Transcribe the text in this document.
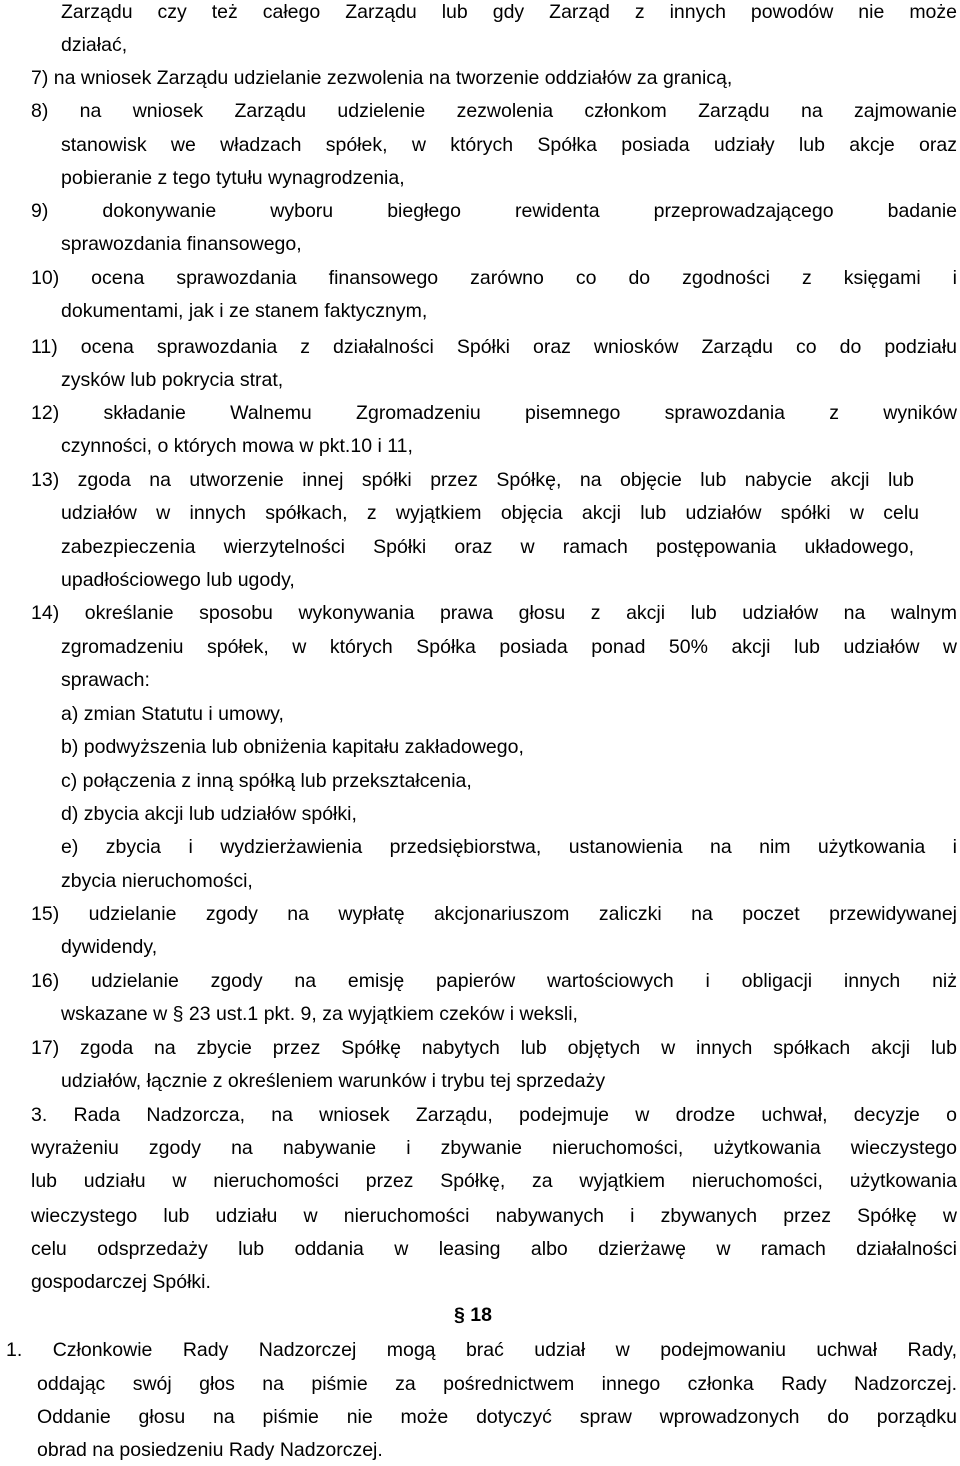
Zarządu czy też całego Zarządu lub gdy Zarząd z innych powodów nie może

działać,

7) na wniosek Zarządu udzielanie zezwolenia na tworzenie oddziałów za granicą,

8) na wniosek Zarządu udzielenie zezwolenia członkom Zarządu na zajmowanie

stanowisk we władzach spółek, w których Spółka posiada udziały lub akcje oraz

pobieranie z tego tytułu wynagrodzenia,

9) dokonywanie wyboru biegłego rewidenta przeprowadzającego badanie

sprawozdania finansowego,

10) ocena sprawozdania finansowego zarówno co do zgodności z księgami i

dokumentami, jak i ze stanem faktycznym,

11) ocena sprawozdania z działalności Spółki oraz wniosków Zarządu co do podziału

zysków lub pokrycia strat,

12) składanie Walnemu Zgromadzeniu pisemnego sprawozdania z wyników

czynności, o których mowa w pkt.10 i 11,

13) zgoda na utworzenie innej spółki przez Spółkę, na objęcie lub nabycie akcji lub

udziałów w innych spółkach, z wyjątkiem objęcia akcji lub udziałów spółki w celu

zabezpieczenia wierzytelności Spółki oraz w ramach postępowania układowego,

upadłościowego lub ugody,

14) określanie sposobu wykonywania prawa głosu z akcji lub udziałów na walnym

zgromadzeniu spółek, w których Spółka posiada ponad 50% akcji lub udziałów w

sprawach:

a) zmian Statutu i umowy,

b) podwyższenia lub obniżenia kapitału zakładowego,

c) połączenia z inną spółką lub przekształcenia,

d) zbycia akcji lub udziałów spółki,

e) zbycia i wydzierżawienia przedsiębiorstwa, ustanowienia na nim użytkowania i

zbycia nieruchomości,

15) udzielanie zgody na wypłatę akcjonariuszom zaliczki na poczet przewidywanej

dywidendy,

16) udzielanie zgody na emisję papierów wartościowych i obligacji innych niż

wskazane w § 23 ust.1 pkt. 9, za wyjątkiem czeków i weksli,

17) zgoda na zbycie przez Spółkę nabytych lub objętych w innych spółkach akcji lub

udziałów, łącznie z określeniem warunków i trybu tej sprzedaży

3. Rada Nadzorcza, na wniosek Zarządu, podejmuje w drodze uchwał, decyzje o

wyrażeniu zgody na nabywanie i zbywanie nieruchomości, użytkowania wieczystego

lub udziału w nieruchomości przez Spółkę, za wyjątkiem nieruchomości, użytkowania

wieczystego lub udziału w nieruchomości nabywanych i zbywanych przez Spółkę w

celu odsprzedaży lub oddania w leasing albo dzierżawę w ramach działalności

gospodarczej Spółki.

§ 18

1. Członkowie Rady Nadzorczej mogą brać udział w podejmowaniu uchwał Rady,

oddając swój głos na piśmie za pośrednictwem innego członka Rady Nadzorczej.

Oddanie głosu na piśmie nie może dotyczyć spraw wprowadzonych do porządku

obrad na posiedzeniu Rady Nadzorczej.
